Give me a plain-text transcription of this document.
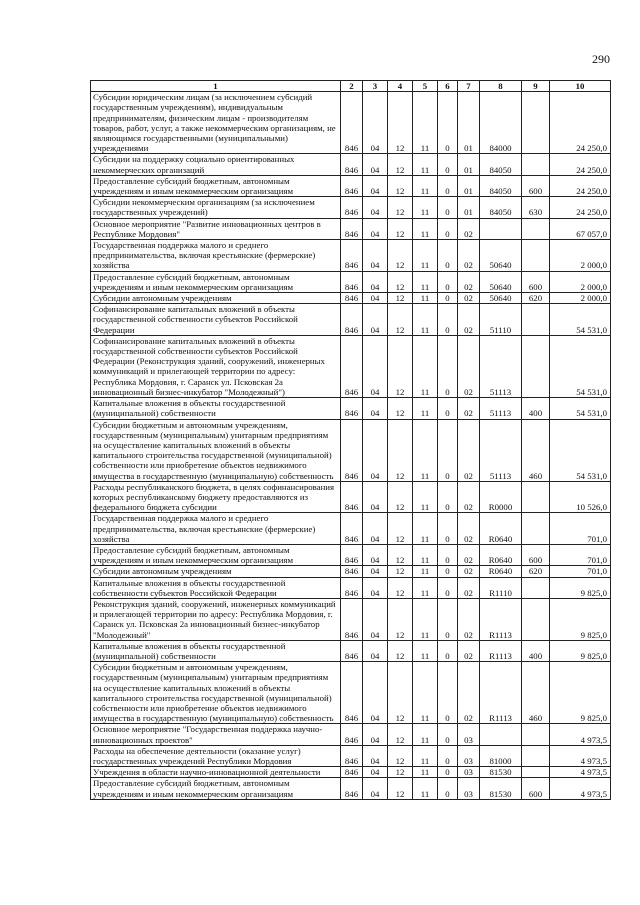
290
1	2	3	4	5	6	7	8	9	10
Субсидии юридическим лицам (за исключением субсидий государственным учреждениям), индивидуальным предпринимателям, физическим лицам - производителям товаров, работ, услуг, а также некоммерческим организациям, не являющимся государственными (муниципальными) учреждениями	846	04	12	11	0	01	84000		24 250,0
Субсидии на поддержку социально ориентированных некоммерческих организаций	846	04	12	11	0	01	84050		24 250,0
Предоставление субсидий бюджетным, автономным учреждениям и иным некоммерческим организациям	846	04	12	11	0	01	84050	600	24 250,0
Субсидии некоммерческим организациям (за исключением государственных учреждений)	846	04	12	11	0	01	84050	630	24 250,0
Основное мероприятие "Развитие инновационных центров в Республике Мордовия"	846	04	12	11	0	02			67 057,0
Государственная поддержка малого и среднего предпринимательства, включая крестьянские (фермерские) хозяйства	846	04	12	11	0	02	50640		2 000,0
Предоставление субсидий бюджетным, автономным учреждениям и иным некоммерческим организациям	846	04	12	11	0	02	50640	600	2 000,0
Субсидии автономным учреждениям	846	04	12	11	0	02	50640	620	2 000,0
Софинансирование капитальных вложений в объекты государственной собственности субъектов Российской Федерации	846	04	12	11	0	02	51110		54 531,0
Софинансирование капитальных вложений в объекты государственной собственности субъектов Российской Федерации (Реконструкция зданий, сооружений, инженерных коммуникаций и прилегающей территории по адресу: Республика Мордовия, г. Саранск ул. Псковская 2а инновационный бизнес-инкубатор "Молодежный")	846	04	12	11	0	02	51113		54 531,0
Капитальные вложения в объекты государственной (муниципальной) собственности	846	04	12	11	0	02	51113	400	54 531,0
Субсидии бюджетным и автономным учреждениям, государственным (муниципальным) унитарным предприятиям на осуществление капитальных вложений в объекты капитального строительства государственной (муниципальной) собственности или приобретение объектов недвижимого имущества в государственную (муниципальную) собственность	846	04	12	11	0	02	51113	460	54 531,0
Расходы республиканского бюджета, в целях софинансирования которых республиканскому бюджету предоставляются из федерального бюджета субсидии	846	04	12	11	0	02	R0000		10 526,0
Государственная поддержка малого и среднего предпринимательства, включая крестьянские (фермерские) хозяйства	846	04	12	11	0	02	R0640		701,0
Предоставление субсидий бюджетным, автономным учреждениям и иным некоммерческим организациям	846	04	12	11	0	02	R0640	600	701,0
Субсидии автономным учреждениям	846	04	12	11	0	02	R0640	620	701,0
Капитальные вложения в объекты государственной собственности субъектов Российской Федерации	846	04	12	11	0	02	R1110		9 825,0
Реконструкция зданий, сооружений, инженерных коммуникаций и прилегающей территории по адресу: Республика Мордовия, г. Саранск ул. Псковская 2а инновационный бизнес-инкубатор "Молодежный"	846	04	12	11	0	02	R1113		9 825,0
Капитальные вложения в объекты государственной (муниципальной) собственности	846	04	12	11	0	02	R1113	400	9 825,0
Субсидии бюджетным и автономным учреждениям, государственным (муниципальным) унитарным предприятиям на осуществление капитальных вложений в объекты капитального строительства государственной (муниципальной) собственности или приобретение объектов недвижимого имущества в государственную (муниципальную) собственность	846	04	12	11	0	02	R1113	460	9 825,0
Основное мероприятие "Государственная поддержка научно-инновационных проектов"	846	04	12	11	0	03			4 973,5
Расходы на обеспечение деятельности (оказание услуг) государственных учреждений Республики Мордовия	846	04	12	11	0	03	81000		4 973,5
Учреждения в области научно-инновационной деятельности	846	04	12	11	0	03	81530		4 973,5
Предоставление субсидий бюджетным, автономным учреждениям и иным некоммерческим организациям	846	04	12	11	0	03	81530	600	4 973,5
